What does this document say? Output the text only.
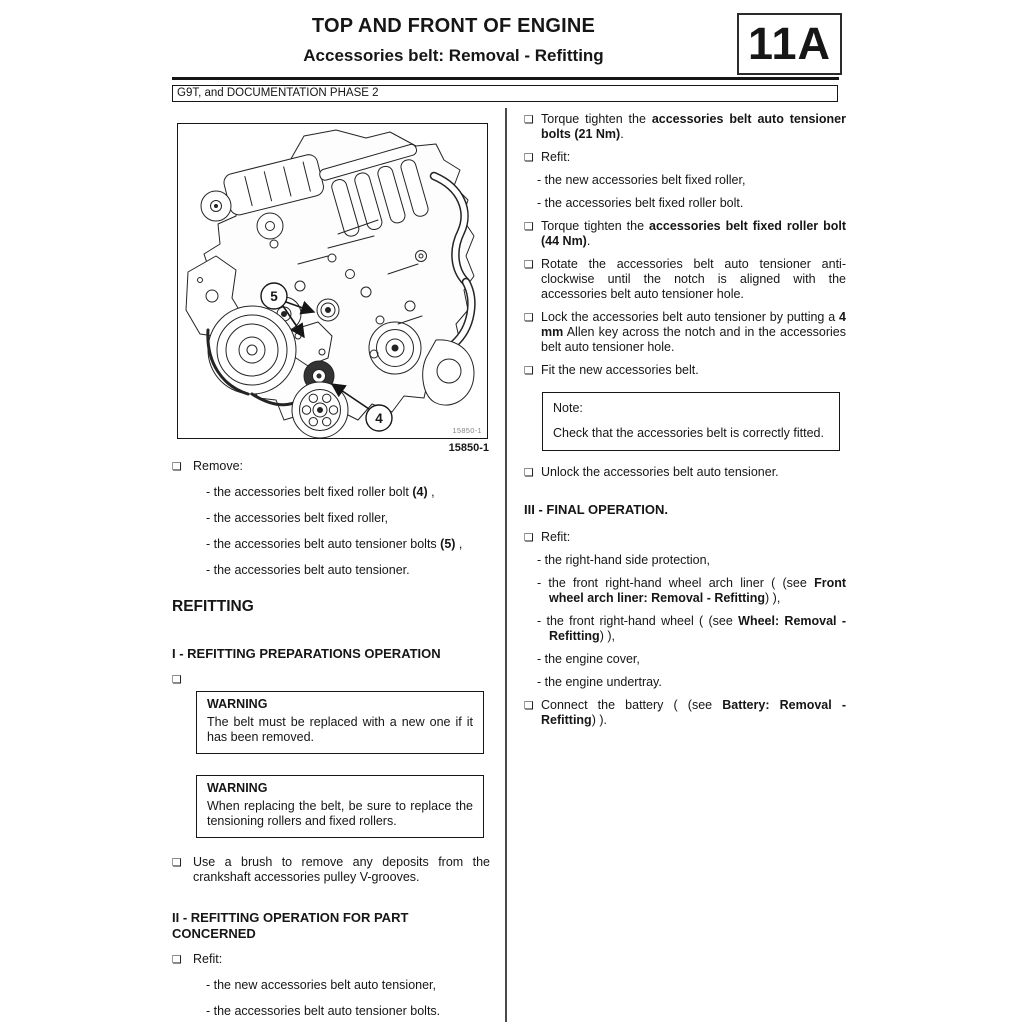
TOP AND FRONT OF ENGINE
Accessories belt: Removal - Refitting	11A
G9T, and DOCUMENTATION PHASE 2
5
4
15850-1
15850-1
❏ Remove:
- the accessories belt fixed roller bolt (4) ,
- the accessories belt fixed roller,
- the accessories belt auto tensioner bolts (5) ,
- the accessories belt auto tensioner.
REFITTING
I - REFITTING PREPARATIONS OPERATION
❏
WARNING
The belt must be replaced with a new one if it has been removed.
WARNING
When replacing the belt, be sure to replace the tensioning rollers and fixed rollers.
❏ Use a brush to remove any deposits from the crankshaft accessories pulley V-grooves.
II - REFITTING OPERATION FOR PART CONCERNED
❏ Refit:
- the new accessories belt auto tensioner,
- the accessories belt auto tensioner bolts.
❏ Torque tighten the accessories belt auto tensioner bolts (21 Nm).
❏ Refit:
- the new accessories belt fixed roller,
- the accessories belt fixed roller bolt.
❏ Torque tighten the accessories belt fixed roller bolt (44 Nm).
❏ Rotate the accessories belt auto tensioner anti-clockwise until the notch is aligned with the accessories belt auto tensioner hole.
❏ Lock the accessories belt auto tensioner by putting a 4 mm Allen key across the notch and in the accessories belt auto tensioner hole.
❏ Fit the new accessories belt.
Note:
Check that the accessories belt is correctly fitted.
❏ Unlock the accessories belt auto tensioner.
III - FINAL OPERATION.
❏ Refit:
- the right-hand side protection,
- the front right-hand wheel arch liner ( (see Front wheel arch liner: Removal - Refitting) ),
- the front right-hand wheel ( (see Wheel: Removal - Refitting) ),
- the engine cover,
- the engine undertray.
❏ Connect the battery ( (see Battery: Removal - Refitting) ).
